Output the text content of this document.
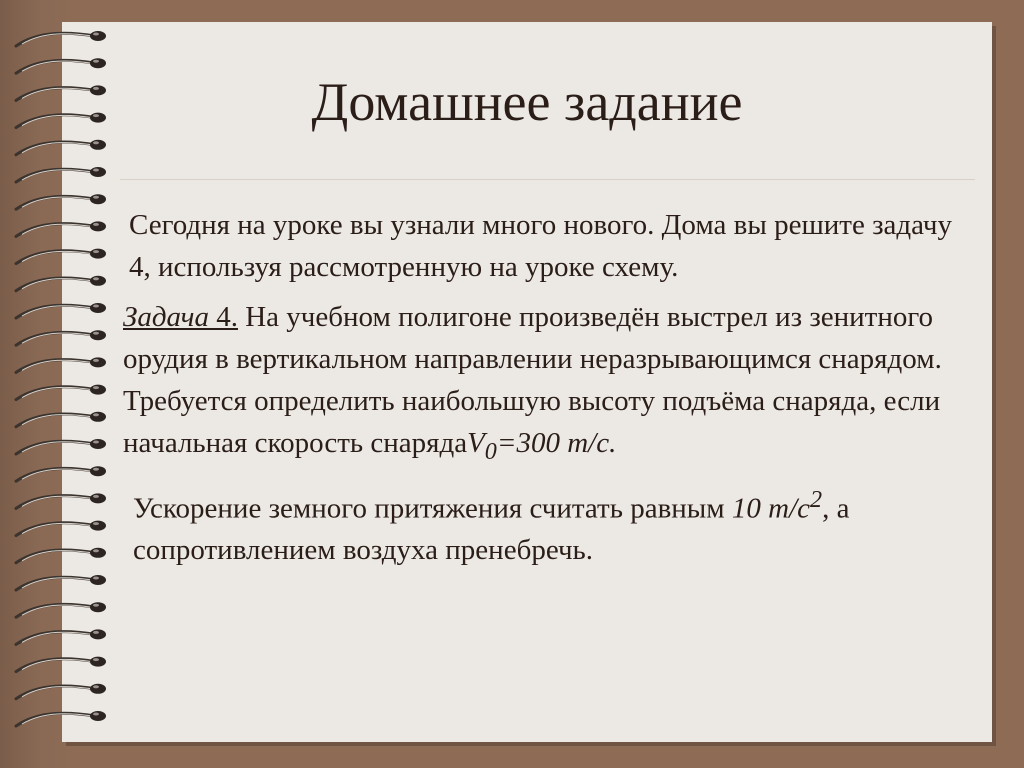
Домашнее задание

Сегодня на уроке вы узнали много нового. Дома вы решите задачу 4, используя рассмотренную на уроке схему.

Задача 4. На учебном полигоне произведён выстрел из зенитного орудия в вертикальном направлении неразрывающимся снарядом. Требуется определить наибольшую высоту подъёма снаряда, если начальная скорость снарядаV$_0$=300 m/c.

Ускорение земного притяжения считать равным 10 $m/c^2$, а сопротивлением воздуха пренебречь.
